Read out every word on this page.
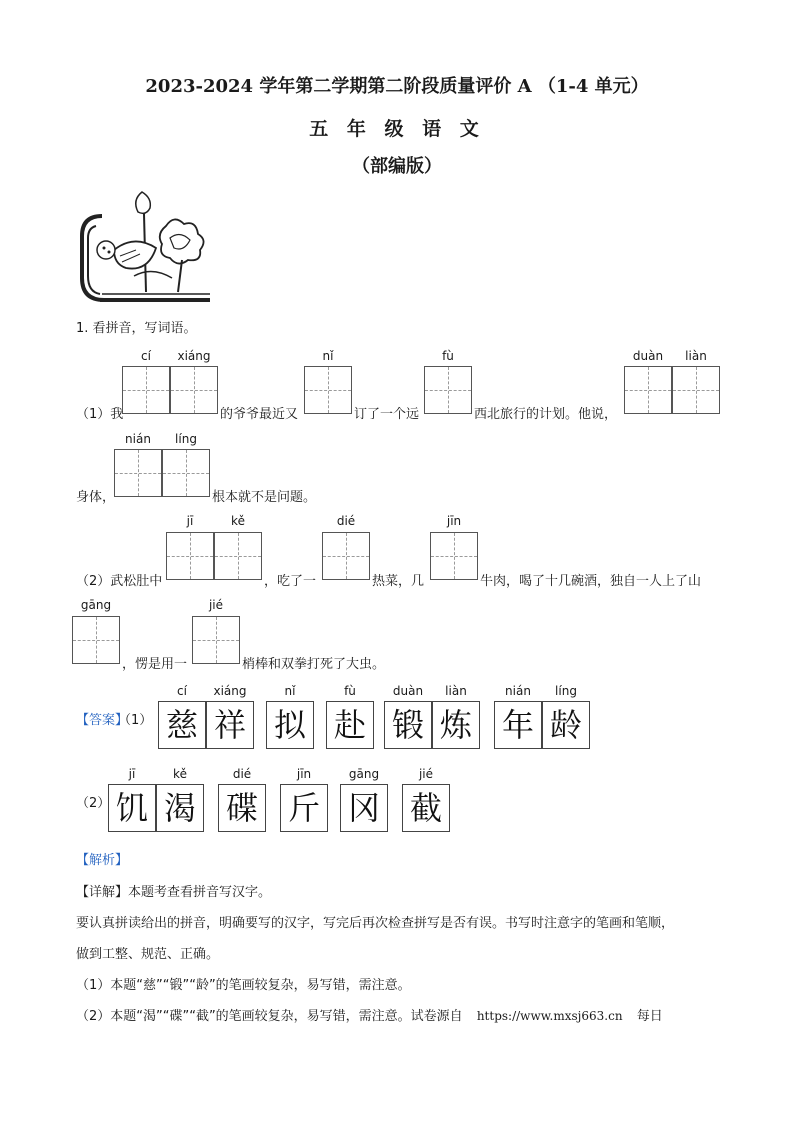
2023-2024 学年第二学期第二阶段质量评价 A （1-4 单元）
五 年 级 语 文
（部编版）
1. 看拼音，写词语。
cí	xiáng	nǐ	fù	duàn	liàn
（1）我	的爷爷最近又	订了一个远	西北旅行的计划。他说，
nián	líng
身体，	根本就不是问题。
jī	kě	dié	jīn
（2）武松肚中	，吃了一	热菜，几	牛肉，喝了十几碗酒，独自一人上了山
gāng	jié
，愣是用一	梢棒和双拳打死了大虫。
【答案】
（1）
cí	xiáng	nǐ	fù	duàn	liàn	nián	líng
慈 祥 拟 赴 锻 炼 年 龄
（2）
jī	kě	dié	jīn	gāng	jié
饥 渴 碟 斤 冈 截
【解析】
【详解】本题考查看拼音写汉字。
要认真拼读给出的拼音，明确要写的汉字，写完后再次检查拼写是否有误。书写时注意字的笔画和笔顺，
做到工整、规范、正确。
（1）本题“慈”“锻”“龄”的笔画较复杂，易写错，需注意。
（2）本题“渴”“碟”“截”的笔画较复杂，易写错，需注意。试卷源自 https://www.mxsj663.cn 每日
